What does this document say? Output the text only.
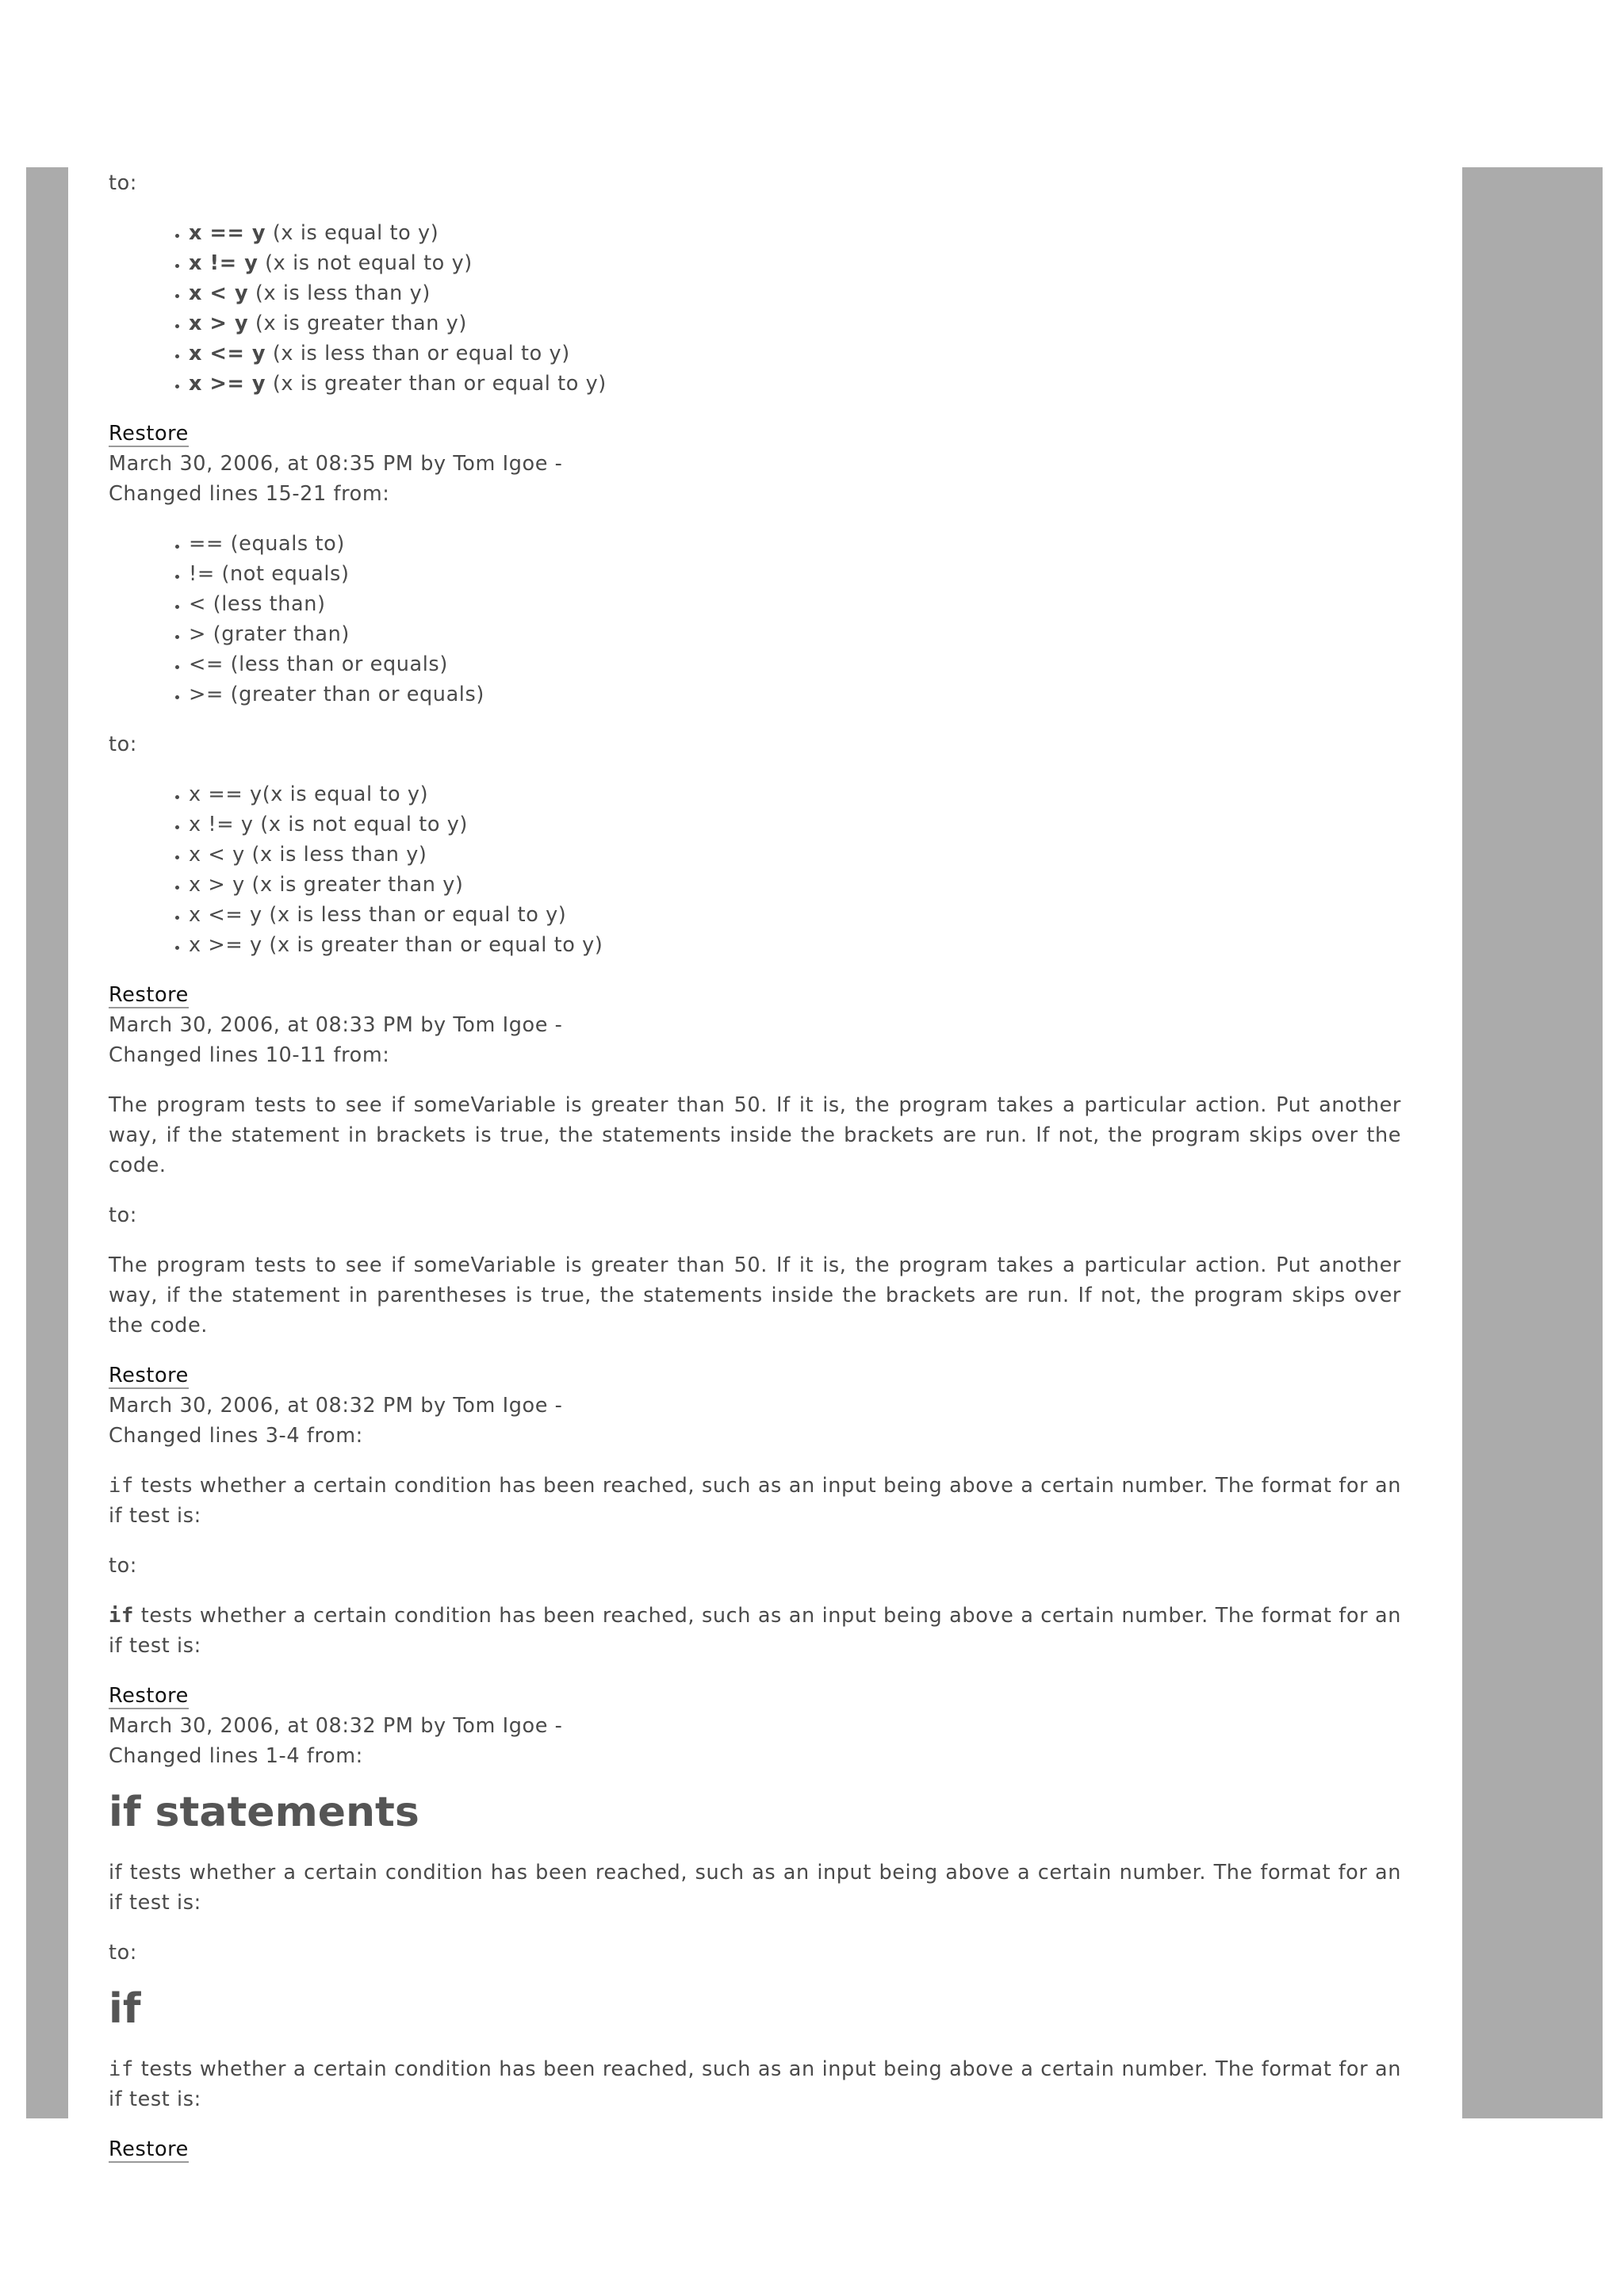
to:

• x == y (x is equal to y)
• x != y (x is not equal to y)
• x < y (x is less than y)
• x > y (x is greater than y)
• x <= y (x is less than or equal to y)
• x >= y (x is greater than or equal to y)

Restore

March 30, 2006, at 08:35 PM by Tom Igoe -

Changed lines 15-21 from:

• == (equals to)
• != (not equals)
• < (less than)
• > (grater than)
• <= (less than or equals)
• >= (greater than or equals)

to:

• x == y(x is equal to y)
• x != y (x is not equal to y)
• x < y (x is less than y)
• x > y (x is greater than y)
• x <= y (x is less than or equal to y)
• x >= y (x is greater than or equal to y)

Restore

March 30, 2006, at 08:33 PM by Tom Igoe -

Changed lines 10-11 from:

The program tests to see if someVariable is greater than 50. If it is, the program takes a particular action. Put another way, if the statement in brackets is true, the statements inside the brackets are run. If not, the program skips over the code.

to:

The program tests to see if someVariable is greater than 50. If it is, the program takes a particular action. Put another way, if the statement in parentheses is true, the statements inside the brackets are run. If not, the program skips over the code.

Restore

March 30, 2006, at 08:32 PM by Tom Igoe -

Changed lines 3-4 from:

if tests whether a certain condition has been reached, such as an input being above a certain number. The format for an if test is:

to:

if tests whether a certain condition has been reached, such as an input being above a certain number. The format for an if test is:

Restore

March 30, 2006, at 08:32 PM by Tom Igoe -

Changed lines 1-4 from:

if statements

if tests whether a certain condition has been reached, such as an input being above a certain number. The format for an if test is:

to:

if

if tests whether a certain condition has been reached, such as an input being above a certain number. The format for an if test is:

Restore
